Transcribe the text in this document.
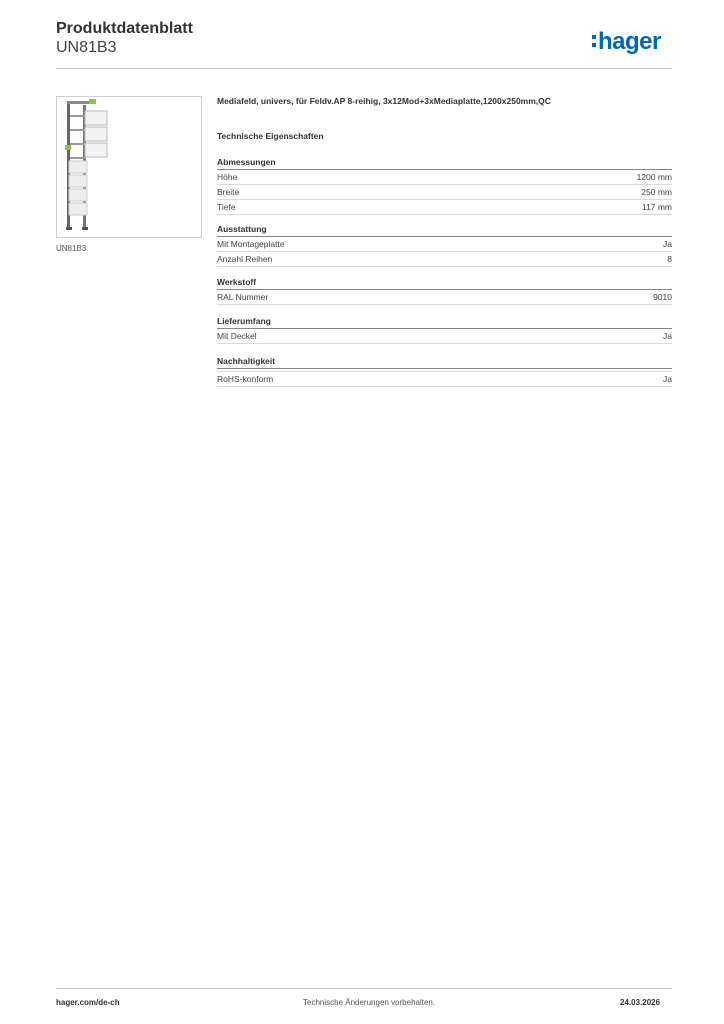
Produktdatenblatt
UN81B3	hager
UN81B3
Mediafeld, univers, für Feldv.AP 8-reihig, 3x12Mod+3xMediaplatte,1200x250mm,QC
Technische Eigenschaften
Abmessungen
Höhe	1200 mm
Breite	250 mm
Tiefe	117 mm
Ausstattung
Mit Montageplatte	Ja
Anzahl Reihen	8
Werkstoff
RAL Nummer	9010
Lieferumfang
Mit Deckel	Ja
Nachhaltigkeit
RoHS-konform	Ja
hager.com/de-ch	Technische Änderungen vorbehalten.	24.03.2026
